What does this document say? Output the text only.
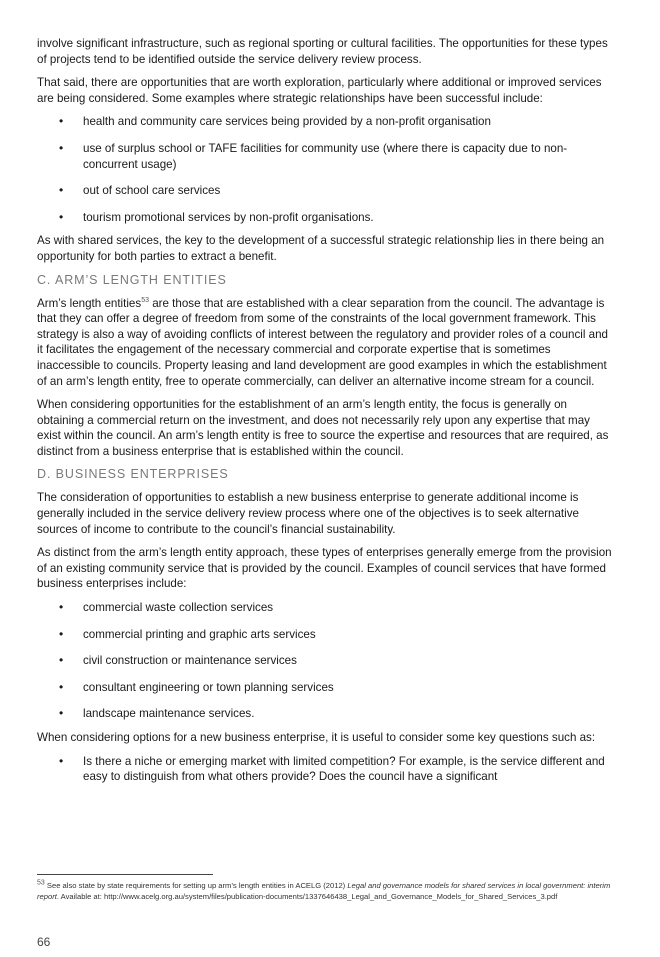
involve significant infrastructure, such as regional sporting or cultural facilities. The opportunities for these types of projects tend to be identified outside the service delivery review process.

That said, there are opportunities that are worth exploration, particularly where additional or improved services are being considered. Some examples where strategic relationships have been successful include:

• health and community care services being provided by a non-profit organisation
• use of surplus school or TAFE facilities for community use (where there is capacity due to non-concurrent usage)
• out of school care services
• tourism promotional services by non-profit organisations.

As with shared services, the key to the development of a successful strategic relationship lies in there being an opportunity for both parties to extract a benefit.

C. ARM’S LENGTH ENTITIES

Arm’s length entities$^{53}$ are those that are established with a clear separation from the council. The advantage is that they can offer a degree of freedom from some of the constraints of the local government framework. This strategy is also a way of avoiding conflicts of interest between the regulatory and provider roles of a council and it facilitates the engagement of the necessary commercial and corporate expertise that is sometimes inaccessible to councils. Property leasing and land development are good examples in which the establishment of an arm’s length entity, free to operate commercially, can deliver an alternative income stream for a council.

When considering opportunities for the establishment of an arm’s length entity, the focus is generally on obtaining a commercial return on the investment, and does not necessarily rely upon any expertise that may exist within the council. An arm’s length entity is free to source the expertise and resources that are required, as distinct from a business enterprise that is established within the council.

D. BUSINESS ENTERPRISES

The consideration of opportunities to establish a new business enterprise to generate additional income is generally included in the service delivery review process where one of the objectives is to seek alternative sources of income to contribute to the council’s financial sustainability.

As distinct from the arm’s length entity approach, these types of enterprises generally emerge from the provision of an existing community service that is provided by the council. Examples of council services that have formed business enterprises include:

• commercial waste collection services
• commercial printing and graphic arts services
• civil construction or maintenance services
• consultant engineering or town planning services
• landscape maintenance services.

When considering options for a new business enterprise, it is useful to consider some key questions such as:

• Is there a niche or emerging market with limited competition? For example, is the service different and easy to distinguish from what others provide? Does the council have a significant
$^{53}$ See also state by state requirements for setting up arm’s length entities in ACELG (2012) Legal and governance models for shared services in local government: interim report. Available at: http://www.acelg.org.au/system/files/publication-documents/1337646438_Legal_and_Governance_Models_for_Shared_Services_3.pdf
66
